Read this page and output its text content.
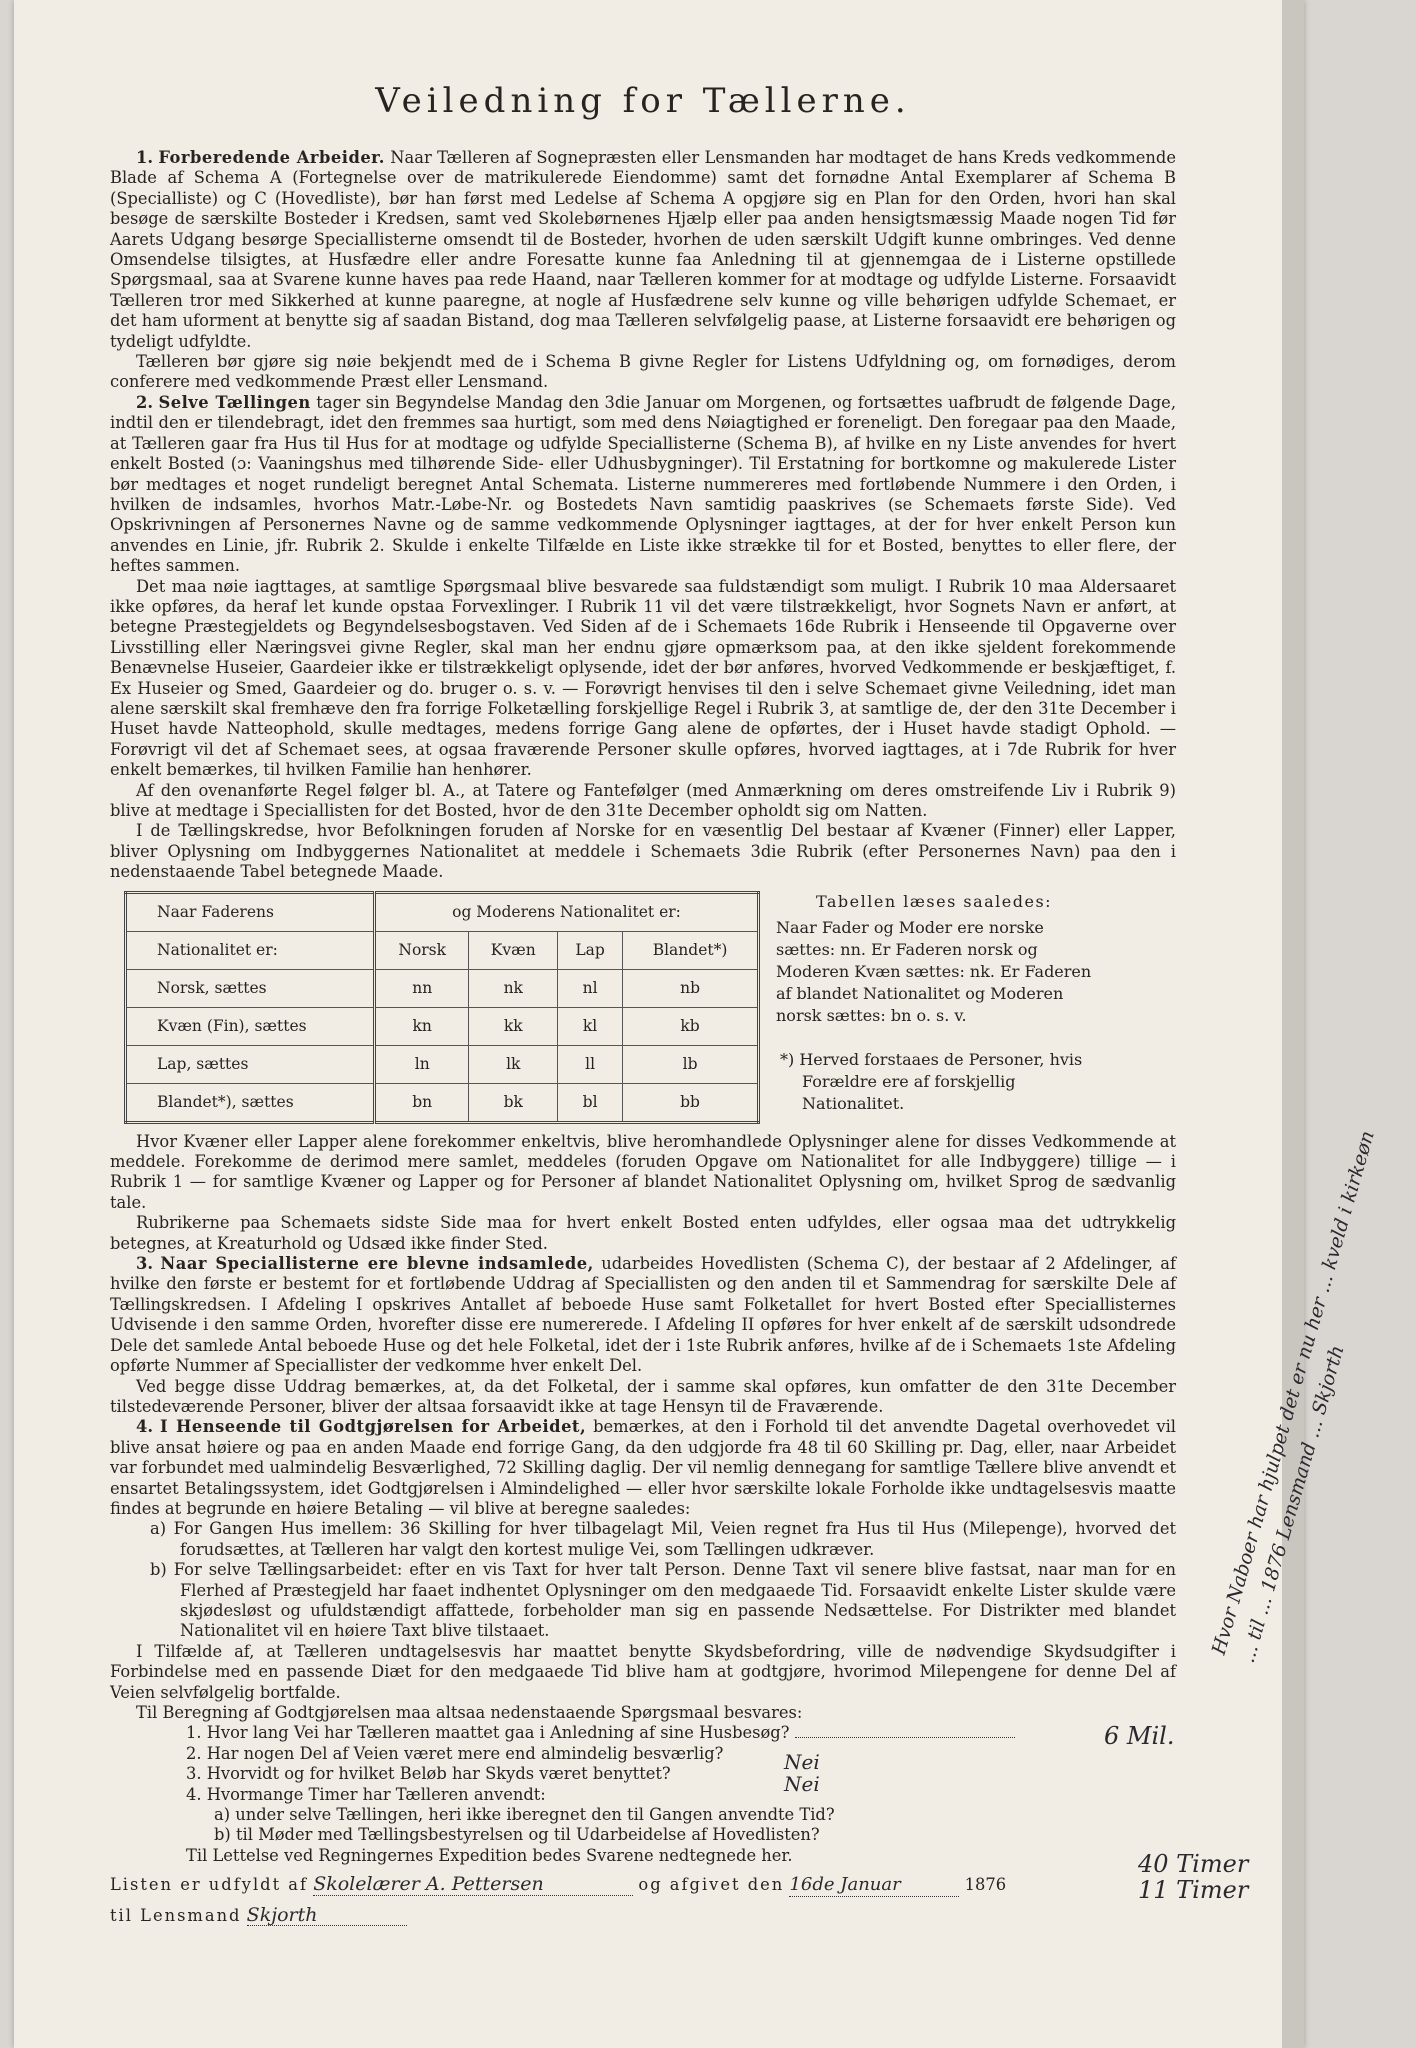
Veiledning for Tællerne.

1. Forberedende Arbeider. Naar Tælleren af Sognepræsten eller Lensmanden har modtaget de hans Kreds vedkommende Blade af Schema A (Fortegnelse over de matrikulerede Eiendomme) samt det fornødne Antal Exemplarer af Schema B (Specialliste) og C (Hovedliste), bør han først med Ledelse af Schema A opgjøre sig en Plan for den Orden, hvori han skal besøge de særskilte Bosteder i Kredsen, samt ved Skolebørnenes Hjælp eller paa anden hensigtsmæssig Maade nogen Tid før Aarets Udgang besørge Speciallisterne omsendt til de Bosteder, hvorhen de uden særskilt Udgift kunne ombringes. Ved denne Omsendelse tilsigtes, at Husfædre eller andre Foresatte kunne faa Anledning til at gjennemgaa de i Listerne opstillede Spørgsmaal, saa at Svarene kunne haves paa rede Haand, naar Tælleren kommer for at modtage og udfylde Listerne. Forsaavidt Tælleren tror med Sikkerhed at kunne paaregne, at nogle af Husfædrene selv kunne og ville behørigen udfylde Schemaet, er det ham uforment at benytte sig af saadan Bistand, dog maa Tælleren selvfølgelig paase, at Listerne forsaavidt ere behørigen og tydeligt udfyldte.

Tælleren bør gjøre sig nøie bekjendt med de i Schema B givne Regler for Listens Udfyldning og, om fornødiges, derom conferere med vedkommende Præst eller Lensmand.

2. Selve Tællingen tager sin Begyndelse Mandag den 3die Januar om Morgenen, og fortsættes uafbrudt de følgende Dage, indtil den er tilendebragt, idet den fremmes saa hurtigt, som med dens Nøiagtighed er foreneligt. Den foregaar paa den Maade, at Tælleren gaar fra Hus til Hus for at modtage og udfylde Speciallisterne (Schema B), af hvilke en ny Liste anvendes for hvert enkelt Bosted (ɔ: Vaaningshus med tilhørende Side- eller Udhusbygninger). Til Erstatning for bortkomne og makulerede Lister bør medtages et noget rundeligt beregnet Antal Schemata. Listerne nummereres med fortløbende Nummere i den Orden, i hvilken de indsamles, hvorhos Matr.-Løbe-Nr. og Bostedets Navn samtidig paaskrives (se Schemaets første Side). Ved Opskrivningen af Personernes Navne og de samme vedkommende Oplysninger iagttages, at der for hver enkelt Person kun anvendes en Linie, jfr. Rubrik 2. Skulde i enkelte Tilfælde en Liste ikke strække til for et Bosted, benyttes to eller flere, der heftes sammen.

Det maa nøie iagttages, at samtlige Spørgsmaal blive besvarede saa fuldstændigt som muligt. I Rubrik 10 maa Aldersaaret ikke opføres, da heraf let kunde opstaa Forvexlinger. I Rubrik 11 vil det være tilstrækkeligt, hvor Sognets Navn er anført, at betegne Præstegjeldets og Begyndelsesbogstaven. Ved Siden af de i Schemaets 16de Rubrik i Henseende til Opgaverne over Livsstilling eller Næringsvei givne Regler, skal man her endnu gjøre opmærksom paa, at den ikke sjeldent forekommende Benævnelse Huseier, Gaardeier ikke er tilstrækkeligt oplysende, idet der bør anføres, hvorved Vedkommende er beskjæftiget, f. Ex Huseier og Smed, Gaardeier og do. bruger o. s. v. — Forøvrigt henvises til den i selve Schemaet givne Veiledning, idet man alene særskilt skal fremhæve den fra forrige Folketælling forskjellige Regel i Rubrik 3, at samtlige de, der den 31te December i Huset havde Natteophold, skulle medtages, medens forrige Gang alene de opførtes, der i Huset havde stadigt Ophold. — Forøvrigt vil det af Schemaet sees, at ogsaa fraværende Personer skulle opføres, hvorved iagttages, at i 7de Rubrik for hver enkelt bemærkes, til hvilken Familie han henhører.

Af den ovenanførte Regel følger bl. A., at Tatere og Fantefølger (med Anmærkning om deres omstreifende Liv i Rubrik 9) blive at medtage i Speciallisten for det Bosted, hvor de den 31te December opholdt sig om Natten.

I de Tællingskredse, hvor Befolkningen foruden af Norske for en væsentlig Del bestaar af Kvæner (Finner) eller Lapper, bliver Oplysning om Indbyggernes Nationalitet at meddele i Schemaets 3die Rubrik (efter Personernes Navn) paa den i nedenstaaende Tabel betegnede Maade.

Naar Faderens	og Moderens Nationalitet er:			
Nationalitet er:	Norsk	Kvæn	Lap	Blandet*)
Norsk, sættes	nn	nk	nl	nb
Kvæn (Fin), sættes	kn	kk	kl	kb
Lap, sættes	ln	lk	ll	lb
Blandet*), sættes	bn	bk	bl	bb
Tabellen læses saaledes:
Naar Fader og Moder ere norske sættes: nn. Er Faderen norsk og Moderen Kvæn sættes: nk. Er Faderen af blandet Nationalitet og Moderen norsk sættes: bn o. s. v.
*) Herved forstaaes de Personer, hvis Forældre ere af forskjellig Nationalitet.

Hvor Kvæner eller Lapper alene forekommer enkeltvis, blive heromhandlede Oplysninger alene for disses Vedkommende at meddele. Forekomme de derimod mere samlet, meddeles (foruden Opgave om Nationalitet for alle Indbyggere) tillige — i Rubrik 1 — for samtlige Kvæner og Lapper og for Personer af blandet Nationalitet Oplysning om, hvilket Sprog de sædvanlig tale.

Rubrikerne paa Schemaets sidste Side maa for hvert enkelt Bosted enten udfyldes, eller ogsaa maa det udtrykkelig betegnes, at Kreaturhold og Udsæd ikke finder Sted.

3. Naar Speciallisterne ere blevne indsamlede, udarbeides Hovedlisten (Schema C), der bestaar af 2 Afdelinger, af hvilke den første er bestemt for et fortløbende Uddrag af Speciallisten og den anden til et Sammendrag for særskilte Dele af Tællingskredsen. I Afdeling I opskrives Antallet af beboede Huse samt Folketallet for hvert Bosted efter Speciallisternes Udvisende i den samme Orden, hvorefter disse ere numererede. I Afdeling II opføres for hver enkelt af de særskilt udsondrede Dele det samlede Antal beboede Huse og det hele Folketal, idet der i 1ste Rubrik anføres, hvilke af de i Schemaets 1ste Afdeling opførte Nummer af Speciallister der vedkomme hver enkelt Del.

Ved begge disse Uddrag bemærkes, at, da det Folketal, der i samme skal opføres, kun omfatter de den 31te December tilstedeværende Personer, bliver der altsaa forsaavidt ikke at tage Hensyn til de Fraværende.

4. I Henseende til Godtgjørelsen for Arbeidet, bemærkes, at den i Forhold til det anvendte Dagetal overhovedet vil blive ansat høiere og paa en anden Maade end forrige Gang, da den udgjorde fra 48 til 60 Skilling pr. Dag, eller, naar Arbeidet var forbundet med ualmindelig Besværlighed, 72 Skilling daglig. Der vil nemlig dennegang for samtlige Tællere blive anvendt et ensartet Betalingssystem, idet Godtgjørelsen i Almindelighed — eller hvor særskilte lokale Forholde ikke undtagelsesvis maatte findes at begrunde en høiere Betaling — vil blive at beregne saaledes:

a) For Gangen Hus imellem: 36 Skilling for hver tilbagelagt Mil, Veien regnet fra Hus til Hus (Milepenge), hvorved det forudsættes, at Tælleren har valgt den kortest mulige Vei, som Tællingen udkræver.

b) For selve Tællingsarbeidet: efter en vis Taxt for hver talt Person. Denne Taxt vil senere blive fastsat, naar man for en Flerhed af Præstegjeld har faaet indhentet Oplysninger om den medgaaede Tid. Forsaavidt enkelte Lister skulde være skjødesløst og ufuldstændigt affattede, forbeholder man sig en passende Nedsættelse. For Distrikter med blandet Nationalitet vil en høiere Taxt blive tilstaaet.

I Tilfælde af, at Tælleren undtagelsesvis har maattet benytte Skydsbefordring, ville de nødvendige Skydsudgifter i Forbindelse med en passende Diæt for den medgaaede Tid blive ham at godtgjøre, hvorimod Milepengene for denne Del af Veien selvfølgelig bortfalde.

Til Beregning af Godtgjørelsen maa altsaa nedenstaaende Spørgsmaal besvares:

1. Hvor lang Vei har Tælleren maattet gaa i Anledning af sine Husbesøg?

2. Har nogen Del af Veien været mere end almindelig besværlig?

3. Hvorvidt og for hvilket Beløb har Skyds været benyttet?

4. Hvormange Timer har Tælleren anvendt:

a) under selve Tællingen, heri ikke iberegnet den til Gangen anvendte Tid?

b) til Møder med Tællingsbestyrelsen og til Udarbeidelse af Hovedlisten?

Til Lettelse ved Regningernes Expedition bedes Svarene nedtegnede her.

Listen er udfyldt af Skolelærer A. Pettersen	og afgivet den 16de Januar	1876

til Lensmand Skjorth

6 Mil.
Nei
Nei
40 Timer
11 Timer
Hvor Naboer har hjulpet det er nu her ... kveld i kirkeøn ... til ... 1876 Lensmand ... Skjorth
